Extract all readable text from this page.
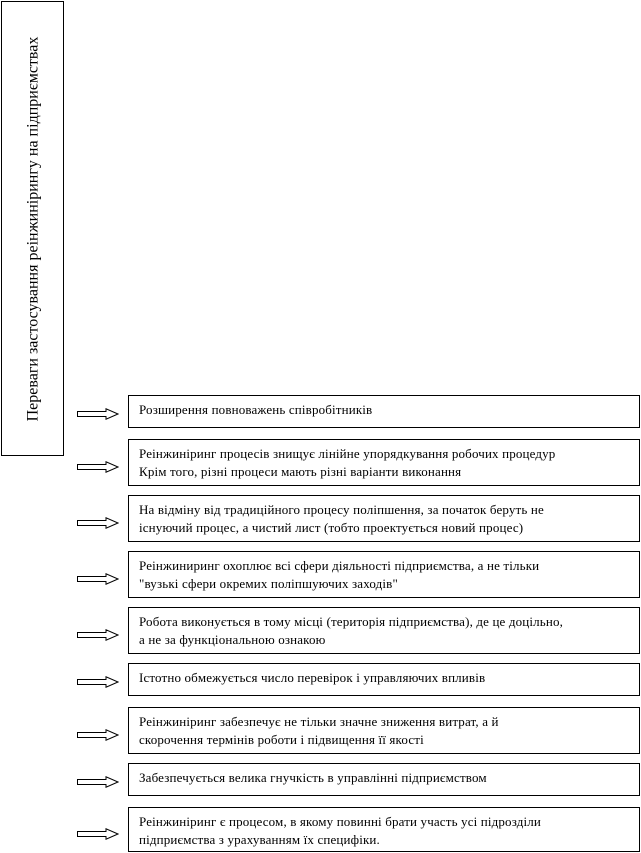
Переваги застосування реінжинірингу на підприємствах	Розширення повноважень співробітників
Реінжиніринг процесів знищує лінійне упорядкування робочих процедур
Крім того, різні процеси мають різні варіанти виконання
На відміну від традиційного процесу поліпшення, за початок беруть не
існуючий процес, а чистий лист (тобто проектується новий процес)
Реінжиниринг охоплює всі сфери діяльності підприємства, а не тільки
"вузькі сфери окремих поліпшуючих заходів"
Робота виконується в тому місці (територія підприємства), де це доцільно,
а не за функціональною ознакою
Істотно обмежується число перевірок і управляючих впливів
Реінжиніринг забезпечує не тільки значне зниження витрат, а й
скорочення термінів роботи і підвищення її якості
Забезпечується велика гнучкість в управлінні підприємством
Реінжиніринг є процесом, в якому повинні брати участь усі підрозділи
підприємства з урахуванням їх специфіки.
